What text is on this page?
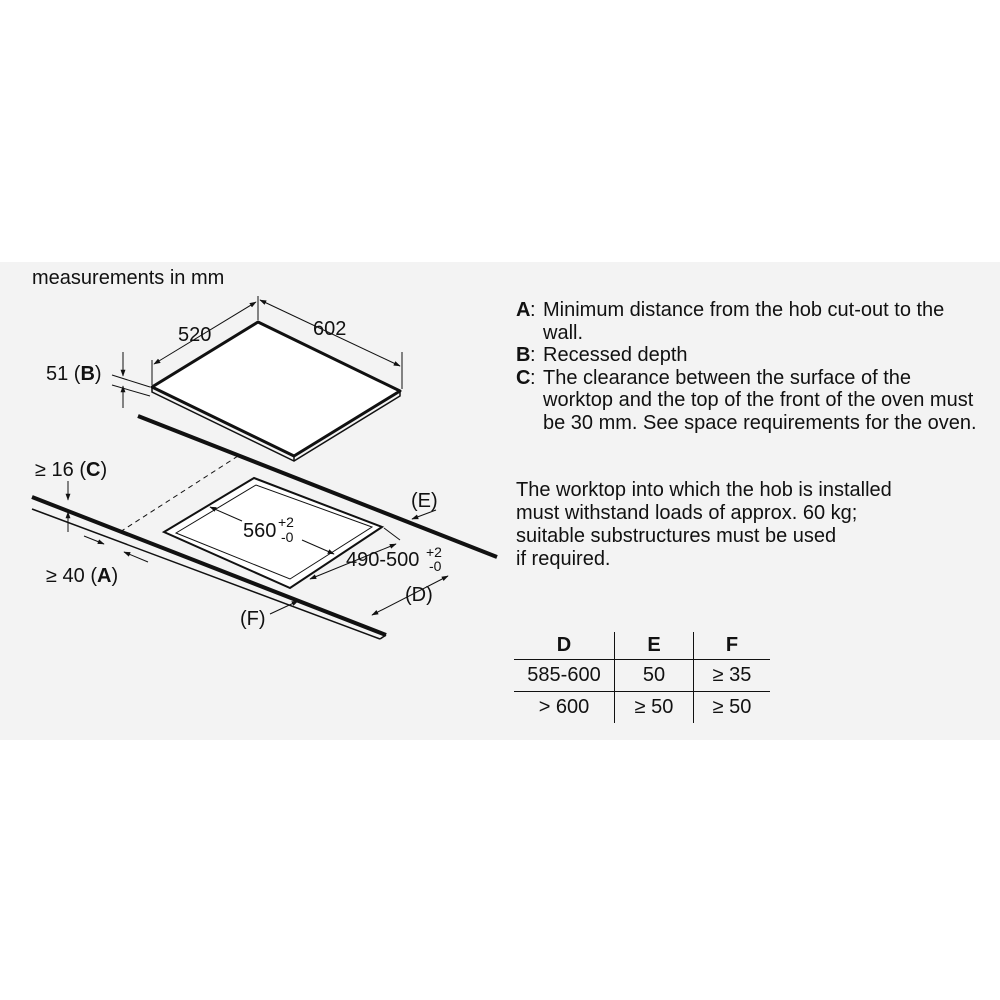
measurements in mm
520	602
51 (B)
560 +2
-0
490-500 +2
-0
(D)
(E)
(F)
≥ 16 (C)
≥ 40 (A)
A : Minimum distance from the hob cut-out to the wall.
B : Recessed depth
C : The clearance between the surface of the worktop and the top of the front of the oven must be 30 mm. See space requirements for the oven.
The worktop into which the hob is installed
must withstand loads of approx. 60 kg;
suitable substructures must be used
if required.
D	E	F
585-600	50	≥ 35
> 600	≥ 50	≥ 50
